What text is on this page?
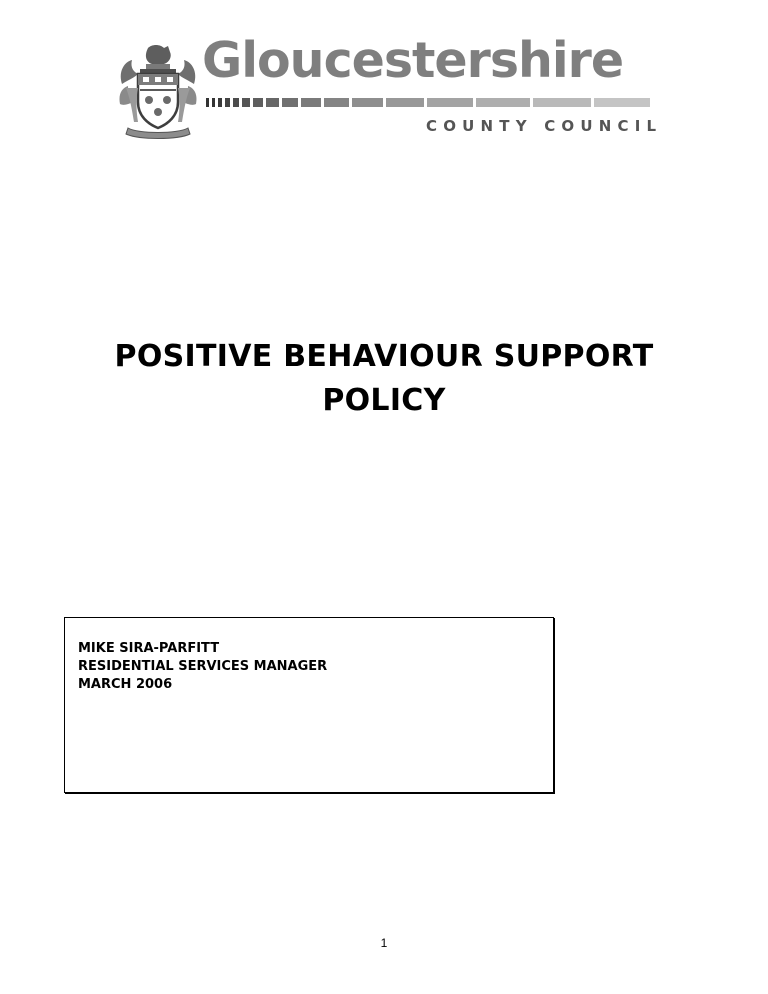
Gloucestershire
COUNTY COUNCIL
POSITIVE BEHAVIOUR SUPPORT
POLICY
MIKE SIRA-PARFITT
RESIDENTIAL SERVICES MANAGER
MARCH 2006
1
